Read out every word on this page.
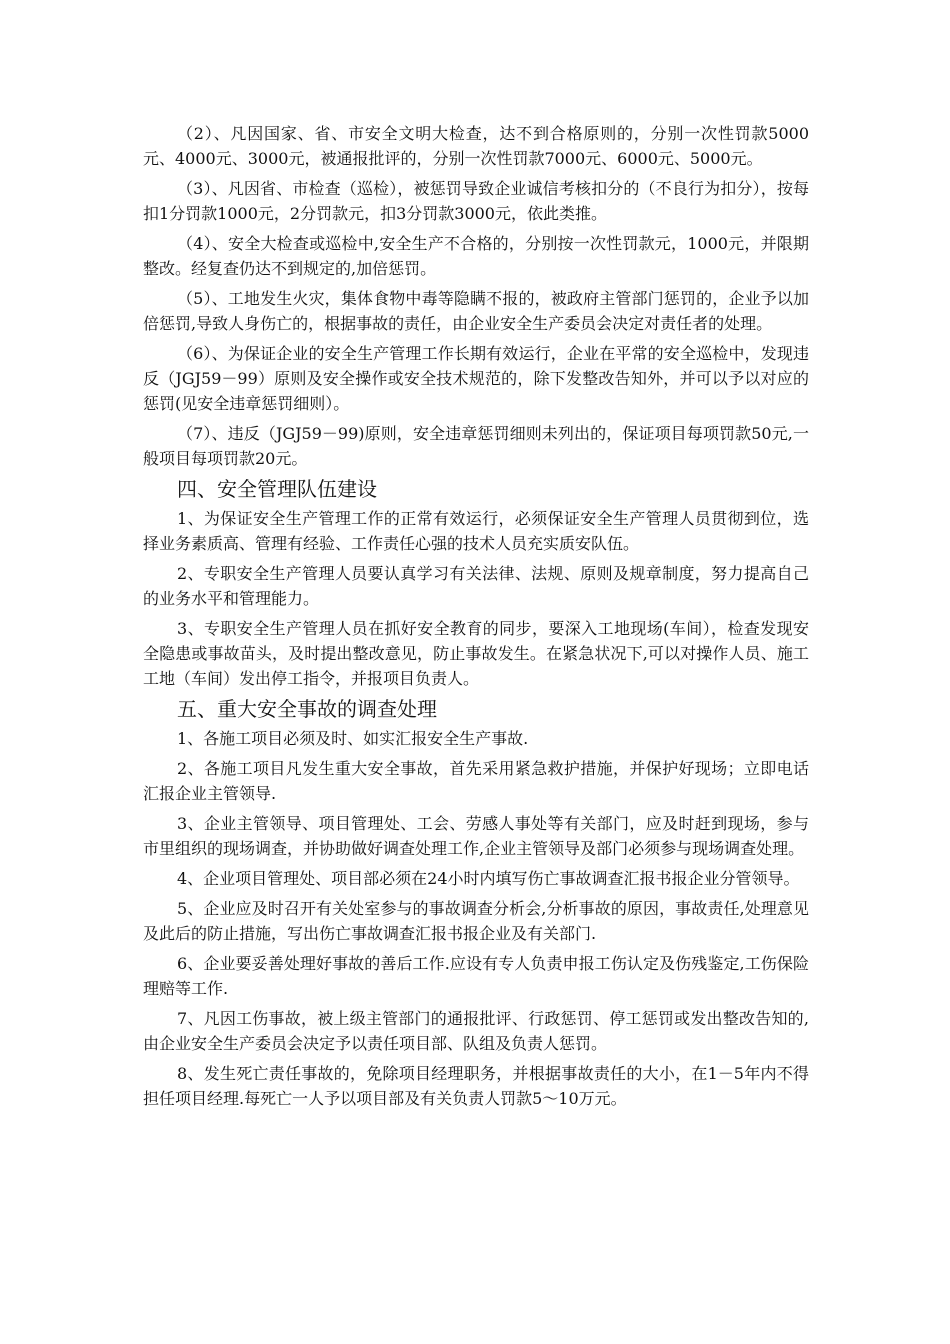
（2）、凡因国家、省、市安全文明大检查，达不到合格原则的，分别一次性罚款5000元、4000元、3000元，被通报批评的，分别一次性罚款7000元、6000元、5000元。

（3）、凡因省、市检查（巡检），被惩罚导致企业诚信考核扣分的（不良行为扣分），按每扣1分罚款1000元，2分罚款元，扣3分罚款3000元，依此类推。

（4）、安全大检查或巡检中,安全生产不合格的，分别按一次性罚款元，1000元，并限期整改。经复查仍达不到规定的,加倍惩罚。

（5）、工地发生火灾，集体食物中毒等隐瞒不报的，被政府主管部门惩罚的，企业予以加倍惩罚,导致人身伤亡的，根据事故的责任，由企业安全生产委员会决定对责任者的处理。

（6）、为保证企业的安全生产管理工作长期有效运行，企业在平常的安全巡检中，发现违反（JGJ59－99）原则及安全操作或安全技术规范的，除下发整改告知外，并可以予以对应的惩罚(见安全违章惩罚细则）。

（7）、违反（JGJ59－99)原则，安全违章惩罚细则未列出的，保证项目每项罚款50元,一般项目每项罚款20元。

四、安全管理队伍建设

1、为保证安全生产管理工作的正常有效运行，必须保证安全生产管理人员贯彻到位，选择业务素质高、管理有经验、工作责任心强的技术人员充实质安队伍。

2、专职安全生产管理人员要认真学习有关法律、法规、原则及规章制度，努力提高自己的业务水平和管理能力。

3、专职安全生产管理人员在抓好安全教育的同步，要深入工地现场(车间），检查发现安全隐患或事故苗头，及时提出整改意见，防止事故发生。在紧急状况下,可以对操作人员、施工工地（车间）发出停工指令，并报项目负责人。

五、重大安全事故的调查处理

1、各施工项目必须及时、如实汇报安全生产事故.

2、各施工项目凡发生重大安全事故，首先采用紧急救护措施，并保护好现场；立即电话汇报企业主管领导.

3、企业主管领导、项目管理处、工会、劳感人事处等有关部门，应及时赶到现场，参与市里组织的现场调查，并协助做好调查处理工作,企业主管领导及部门必须参与现场调查处理。

4、企业项目管理处、项目部必须在24小时内填写伤亡事故调查汇报书报企业分管领导。

5、企业应及时召开有关处室参与的事故调查分析会,分析事故的原因，事故责任,处理意见及此后的防止措施，写出伤亡事故调查汇报书报企业及有关部门.

6、企业要妥善处理好事故的善后工作.应设有专人负责申报工伤认定及伤残鉴定,工伤保险理赔等工作.

7、凡因工伤事故，被上级主管部门的通报批评、行政惩罚、停工惩罚或发出整改告知的,由企业安全生产委员会决定予以责任项目部、队组及负责人惩罚。

8、发生死亡责任事故的，免除项目经理职务，并根据事故责任的大小，在1－5年内不得担任项目经理.每死亡一人予以项目部及有关负责人罚款5～10万元。
